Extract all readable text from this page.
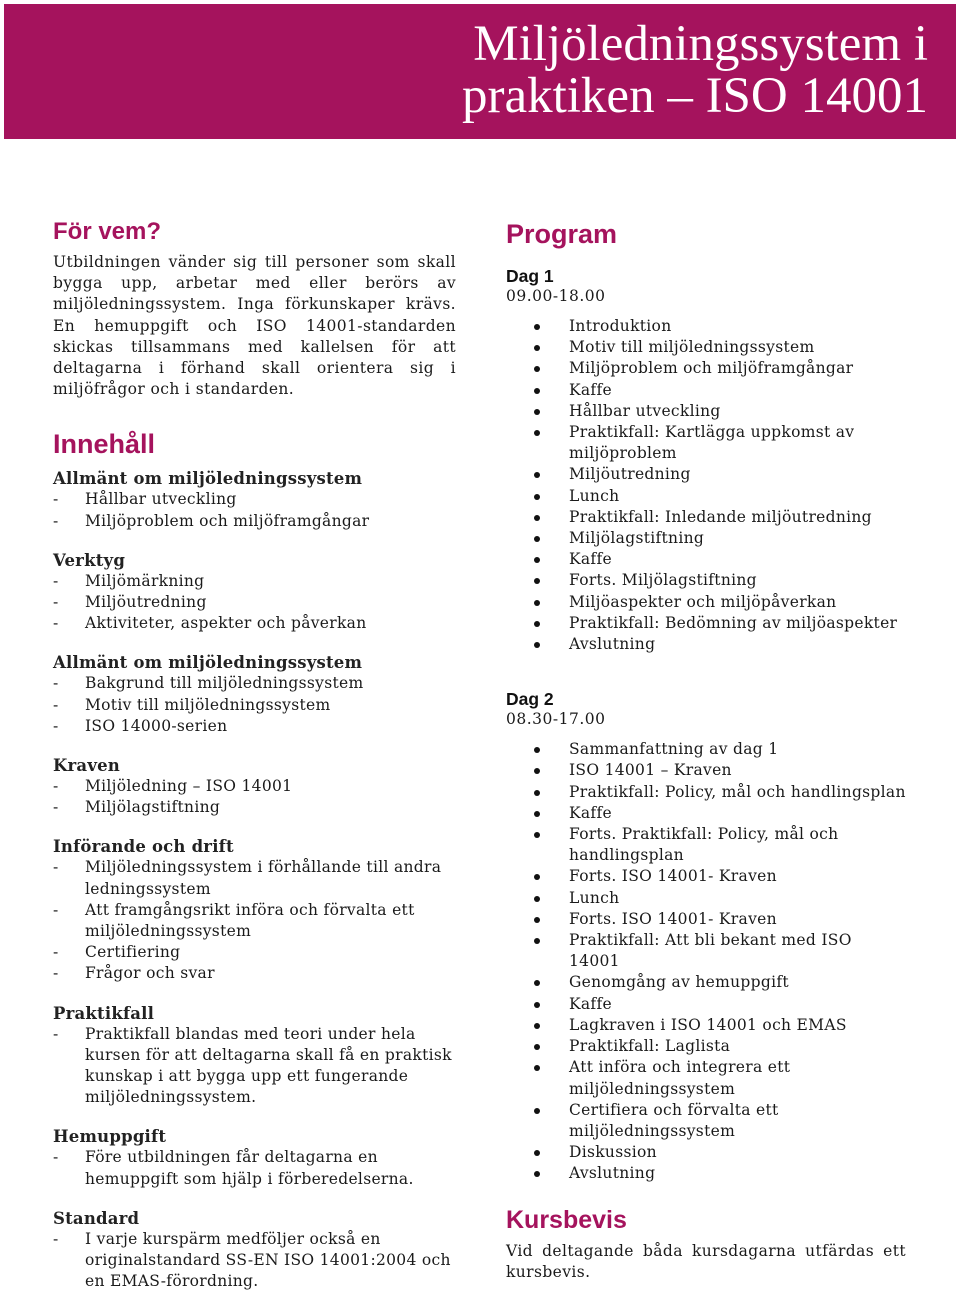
Miljöledningssystem i
praktiken – ISO 14001
För vem?

Utbildningen vänder sig till personer som skall bygga upp, arbetar med eller berörs av miljöledningssystem. Inga förkunskaper krävs. En hemuppgift och ISO 14001-standarden skickas tillsammans med kallelsen för att deltagarna i förhand skall orientera sig i miljöfrågor och i standarden.

Innehåll
Allmänt om miljöledningssystem
- Hållbar utveckling
- Miljöproblem och miljöframgångar
Verktyg
- Miljömärkning
- Miljöutredning
- Aktiviteter, aspekter och påverkan
Allmänt om miljöledningssystem
- Bakgrund till miljöledningssystem
- Motiv till miljöledningssystem
- ISO 14000-serien
Kraven
- Miljöledning – ISO 14001
- Miljölagstiftning
Införande och drift
- Miljöledningssystem i förhållande till andra ledningssystem
- Att framgångsrikt införa och förvalta ett miljöledningssystem
- Certifiering
- Frågor och svar
Praktikfall
- Praktikfall blandas med teori under hela kursen för att deltagarna skall få en praktisk kunskap i att bygga upp ett fungerande miljöledningssystem.
Hemuppgift
- Före utbildningen får deltagarna en hemuppgift som hjälp i förberedelserna.
Standard
- I varje kurspärm medföljer också en originalstandard SS-EN ISO 14001:2004 och en EMAS-förordning.
Program
Dag 1

09.00-18.00

Introduktion
Motiv till miljöledningssystem
Miljöproblem och miljöframgångar
Kaffe
Hållbar utveckling
Praktikfall: Kartlägga uppkomst av miljöproblem
Miljöutredning
Lunch
Praktikfall: Inledande miljöutredning
Miljölagstiftning
Kaffe
Forts. Miljölagstiftning
Miljöaspekter och miljöpåverkan
Praktikfall: Bedömning av miljöaspekter
Avslutning
Dag 2

08.30-17.00

Sammanfattning av dag 1
ISO 14001 – Kraven
Praktikfall: Policy, mål och handlingsplan
Kaffe
Forts. Praktikfall: Policy, mål och handlingsplan
Forts. ISO 14001- Kraven
Lunch
Forts. ISO 14001- Kraven
Praktikfall: Att bli bekant med ISO 14001
Genomgång av hemuppgift
Kaffe
Lagkraven i ISO 14001 och EMAS
Praktikfall: Laglista
Att införa och integrera ett miljöledningssystem
Certifiera och förvalta ett miljöledningssystem
Diskussion
Avslutning
Kursbevis

Vid deltagande båda kursdagarna utfärdas ett kursbevis.
